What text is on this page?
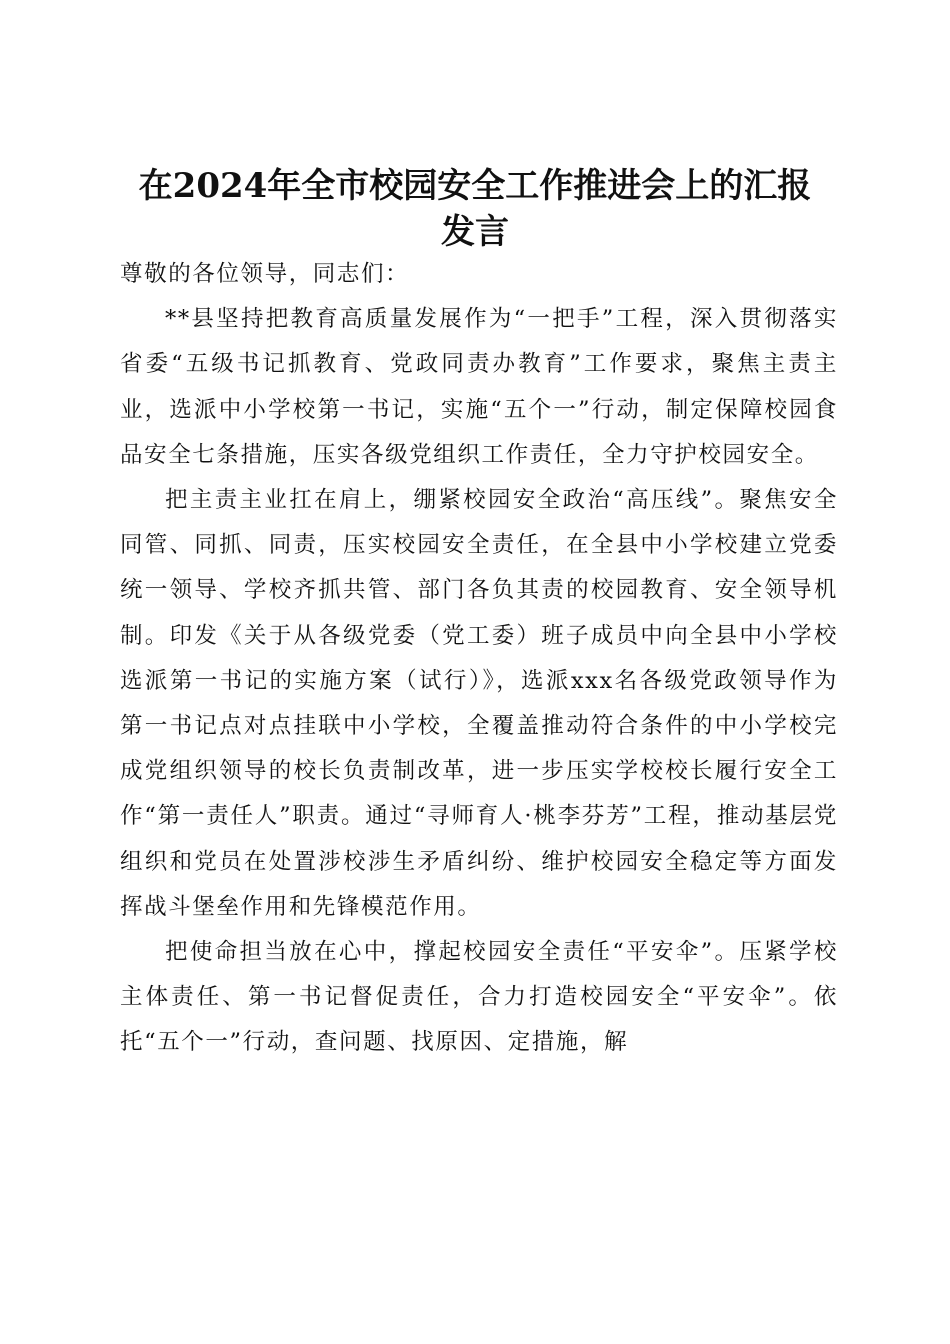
在2024年全市校园安全工作推进会上的汇报
发言

尊敬的各位领导，同志们：

**县坚持把教育高质量发展作为“一把手”工程，深入贯彻落实省委“五级书记抓教育、党政同责办教育”工作要求，聚焦主责主业，选派中小学校第一书记，实施“五个一”行动，制定保障校园食品安全七条措施，压实各级党组织工作责任，全力守护校园安全。

把主责主业扛在肩上，绷紧校园安全政治“高压线”。聚焦安全同管、同抓、同责，压实校园安全责任，在全县中小学校建立党委统一领导、学校齐抓共管、部门各负其责的校园教育、安全领导机制。印发《关于从各级党委（党工委）班子成员中向全县中小学校选派第一书记的实施方案（试行）》，选派xxx名各级党政领导作为第一书记点对点挂联中小学校，全覆盖推动符合条件的中小学校完成党组织领导的校长负责制改革，进一步压实学校校长履行安全工作“第一责任人”职责。通过“寻师育人·桃李芬芳”工程，推动基层党组织和党员在处置涉校涉生矛盾纠纷、维护校园安全稳定等方面发挥战斗堡垒作用和先锋模范作用。

把使命担当放在心中，撑起校园安全责任“平安伞”。压紧学校主体责任、第一书记督促责任，合力打造校园安全“平安伞”。依托“五个一”行动，查问题、找原因、定措施，解
